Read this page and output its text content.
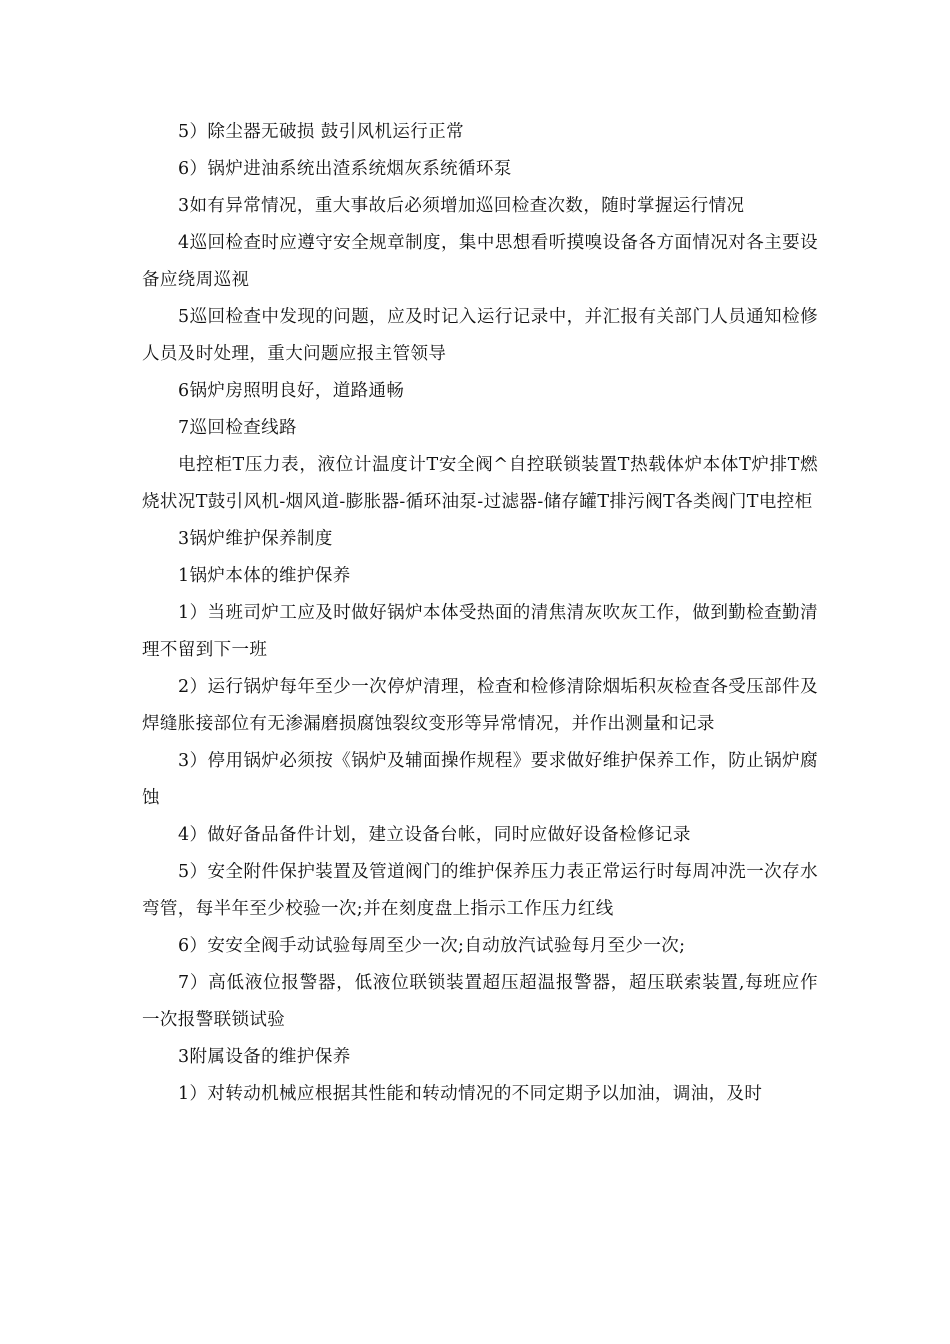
5）除尘器无破损 鼓引风机运行正常

6）锅炉进油系统出渣系统烟灰系统循环泵

3如有异常情况，重大事故后必须增加巡回检查次数，随时掌握运行情况

4巡回检查时应遵守安全规章制度，集中思想看听摸嗅设备各方面情况对各主要设备应绕周巡视

5巡回检查中发现的问题，应及时记入运行记录中，并汇报有关部门人员通知检修人员及时处理，重大问题应报主管领导

6锅炉房照明良好，道路通畅

7巡回检查线路

电控柜T压力表，液位计温度计T安全阀^自控联锁装置T热载体炉本体T炉排T燃烧状况T鼓引风机-烟风道-膨胀器-循环油泵-过滤器-储存罐T排污阀T各类阀门T电控柜

3锅炉维护保养制度

1锅炉本体的维护保养

1）当班司炉工应及时做好锅炉本体受热面的清焦清灰吹灰工作，做到勤检查勤清理不留到下一班

2）运行锅炉每年至少一次停炉清理，检查和检修清除烟垢积灰检查各受压部件及焊缝胀接部位有无渗漏磨损腐蚀裂纹变形等异常情况，并作出测量和记录

3）停用锅炉必须按《锅炉及辅面操作规程》要求做好维护保养工作，防止锅炉腐蚀

4）做好备品备件计划，建立设备台帐，同时应做好设备检修记录

5）安全附件保护装置及管道阀门的维护保养压力表正常运行时每周冲洗一次存水弯管，每半年至少校验一次;并在刻度盘上指示工作压力红线

6）安安全阀手动试验每周至少一次;自动放汽试验每月至少一次;

7）高低液位报警器，低液位联锁装置超压超温报警器，超压联索装置,每班应作一次报警联锁试验

3附属设备的维护保养

1）对转动机械应根据其性能和转动情况的不同定期予以加油，调油，及时
